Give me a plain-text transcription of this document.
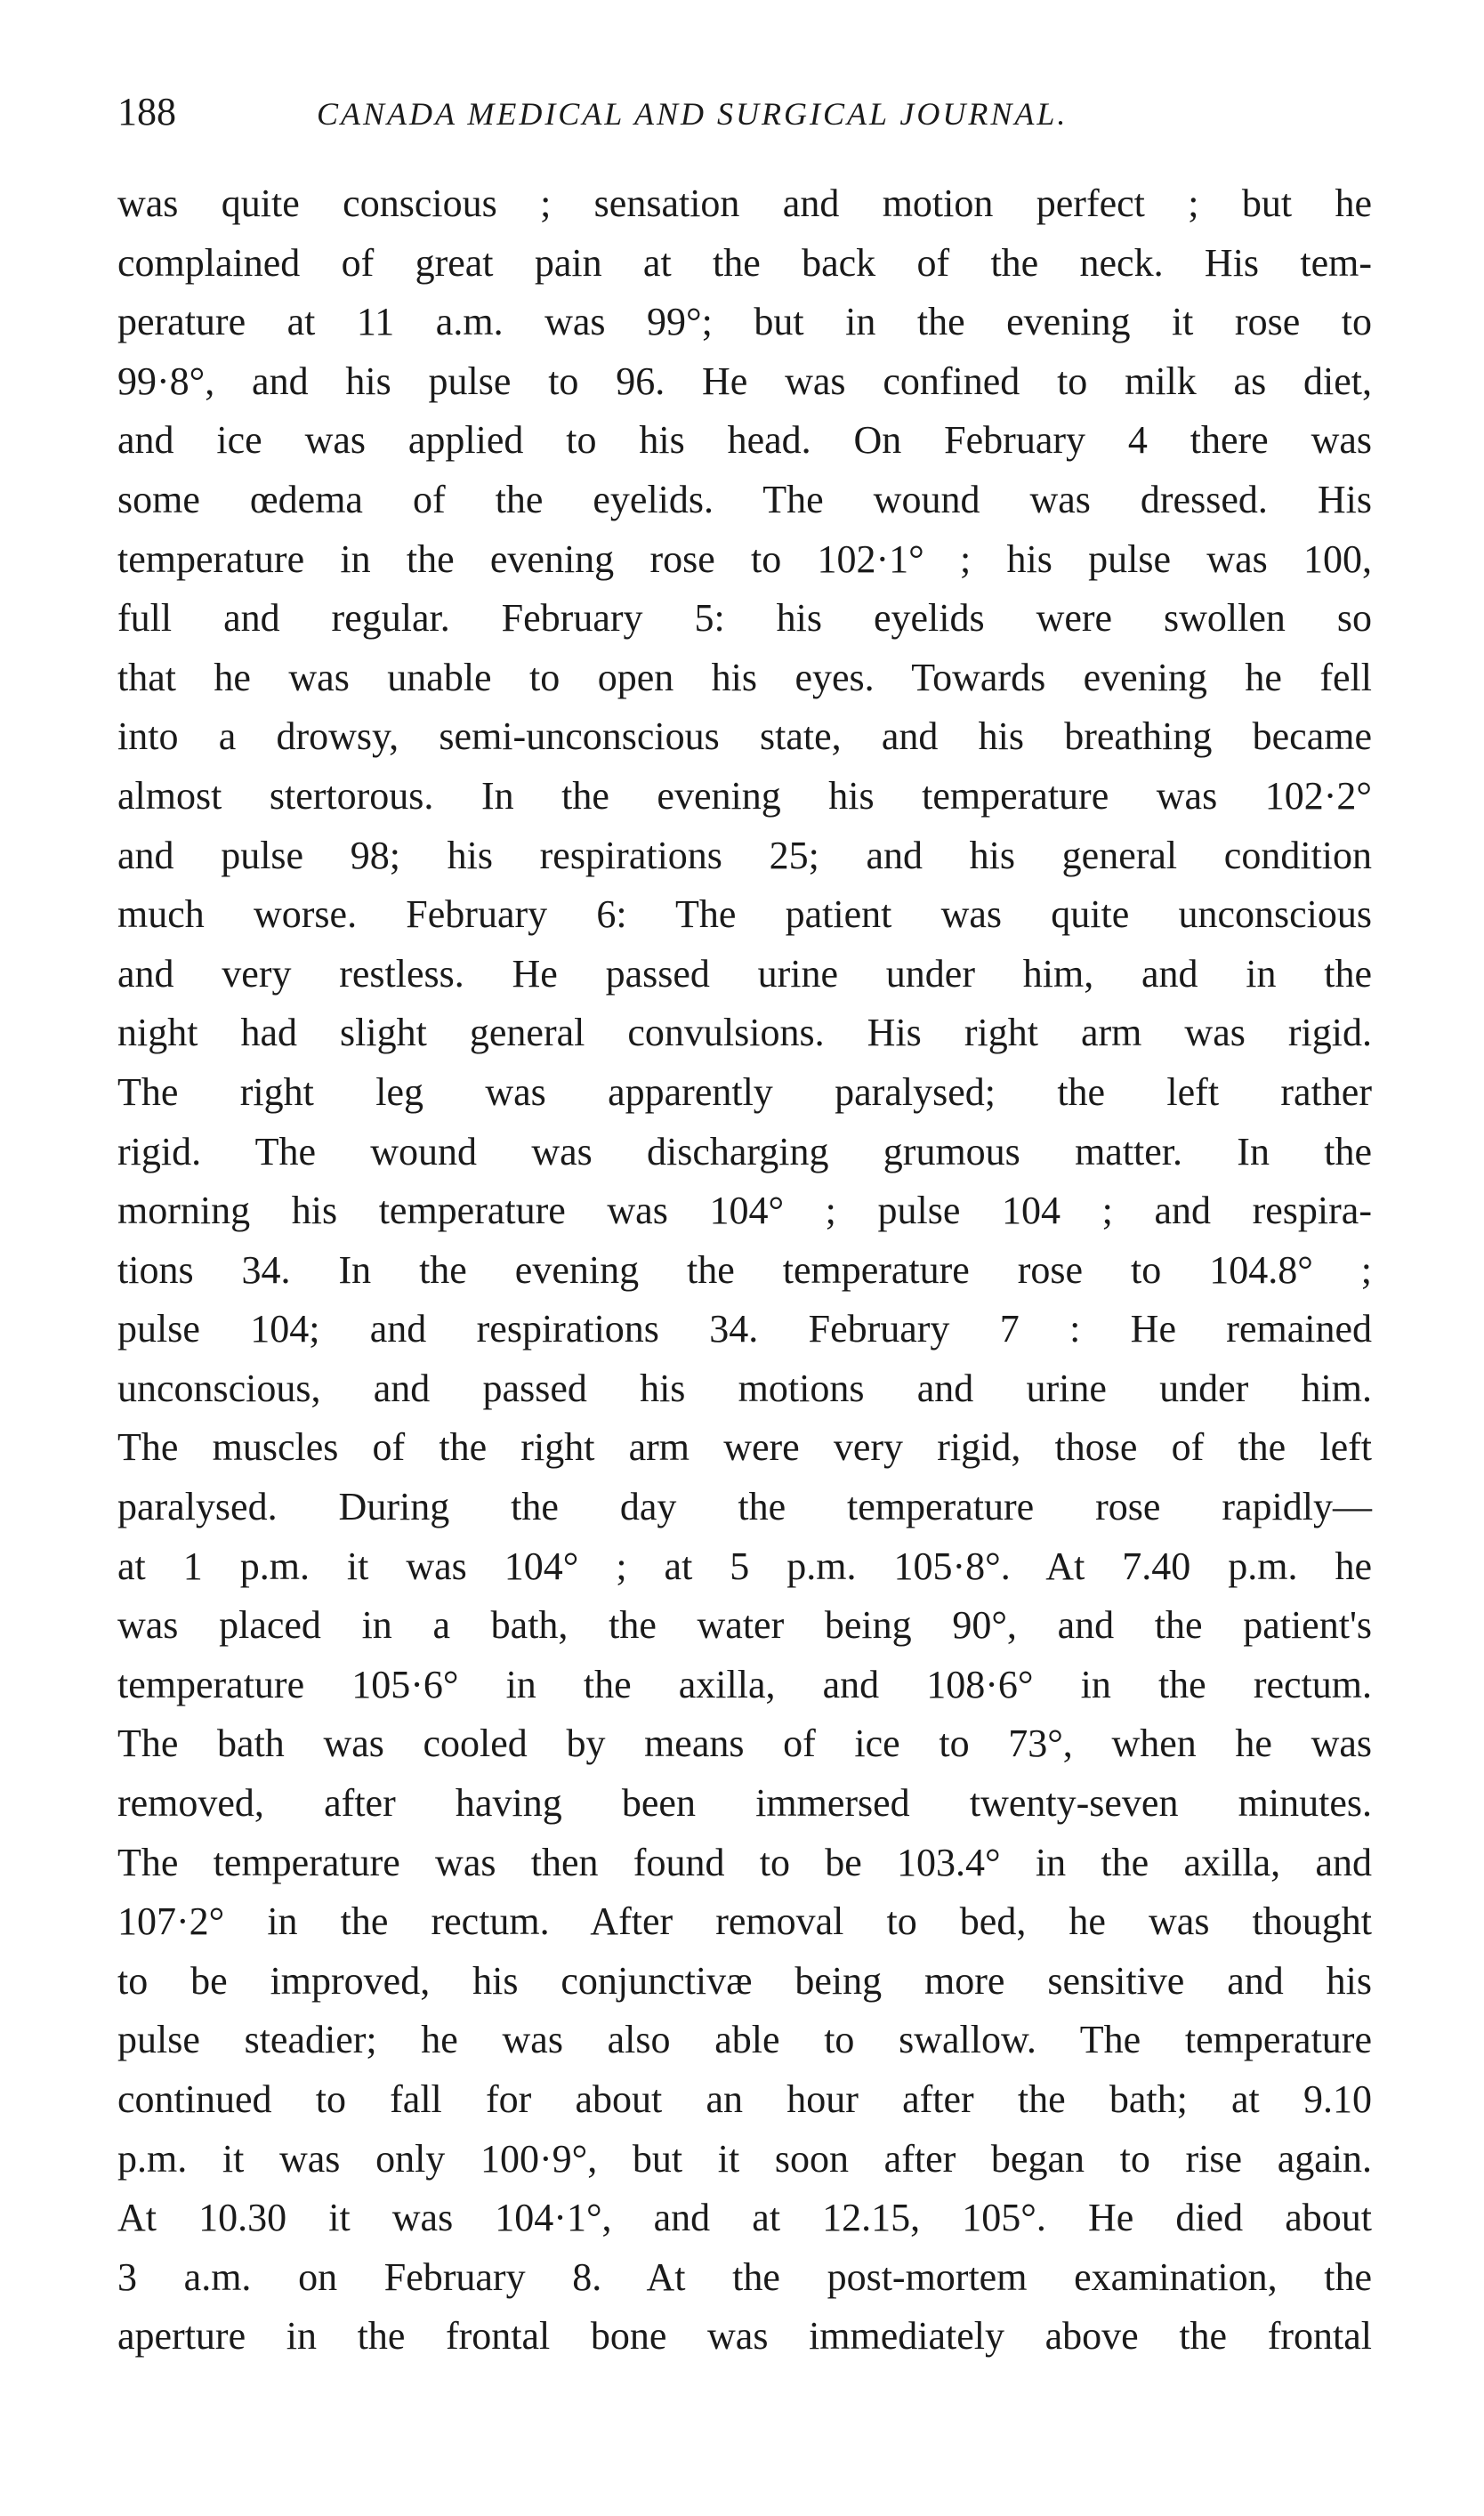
188	CANADA MEDICAL AND SURGICAL JOURNAL.
was quite conscious ; sensation and motion perfect ; but he
complained of great pain at the back of the neck. His tem-
perature at 11 a.m. was 99°; but in the evening it rose to
99·8°, and his pulse to 96. He was confined to milk as diet,
and ice was applied to his head. On February 4 there was
some œdema of the eyelids. The wound was dressed. His
temperature in the evening rose to 102·1° ; his pulse was 100,
full and regular. February 5: his eyelids were swollen so
that he was unable to open his eyes. Towards evening he fell
into a drowsy, semi-unconscious state, and his breathing became
almost stertorous. In the evening his temperature was 102·2°
and pulse 98; his respirations 25; and his general condition
much worse. February 6: The patient was quite unconscious
and very restless. He passed urine under him, and in the
night had slight general convulsions. His right arm was rigid.
The right leg was apparently paralysed; the left rather
rigid. The wound was discharging grumous matter. In the
morning his temperature was 104° ; pulse 104 ; and respira-
tions 34. In the evening the temperature rose to 104.8° ;
pulse 104; and respirations 34. February 7 : He remained
unconscious, and passed his motions and urine under him.
The muscles of the right arm were very rigid, those of the left
paralysed. During the day the temperature rose rapidly—
at 1 p.m. it was 104° ; at 5 p.m. 105·8°. At 7.40 p.m. he
was placed in a bath, the water being 90°, and the patient's
temperature 105·6° in the axilla, and 108·6° in the rectum.
The bath was cooled by means of ice to 73°, when he was
removed, after having been immersed twenty-seven minutes.
The temperature was then found to be 103.4° in the axilla, and
107·2° in the rectum. After removal to bed, he was thought
to be improved, his conjunctivæ being more sensitive and his
pulse steadier; he was also able to swallow. The temperature
continued to fall for about an hour after the bath; at 9.10
p.m. it was only 100·9°, but it soon after began to rise again.
At 10.30 it was 104·1°, and at 12.15, 105°. He died about
3 a.m. on February 8. At the post-mortem examination, the
aperture in the frontal bone was immediately above the frontal
